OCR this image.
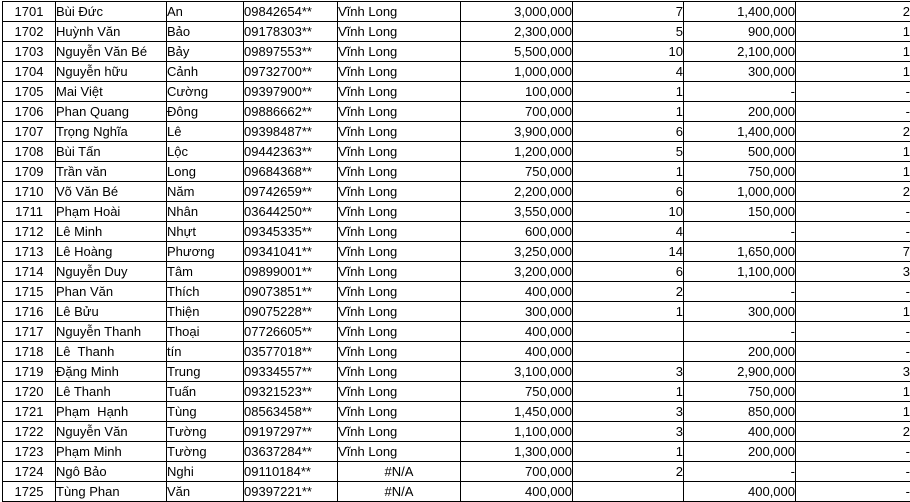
1701	Bùi Đức	An	09842654**	Vĩnh Long	3,000,000	7	1,400,000	2
1702	Huỳnh Văn	Bảo	09178303**	Vĩnh Long	2,300,000	5	900,000	1
1703	Nguyễn Văn Bé	Bảy	09897553**	Vĩnh Long	5,500,000	10	2,100,000	1
1704	Nguyễn hữu	Cảnh	09732700**	Vĩnh Long	1,000,000	4	300,000	1
1705	Mai Việt	Cường	09397900**	Vĩnh Long	100,000	1	-	-
1706	Phan Quang	Đông	09886662**	Vĩnh Long	700,000	1	200,000	-
1707	Trọng Nghĩa	Lê	09398487**	Vĩnh Long	3,900,000	6	1,400,000	2
1708	Bùi Tấn	Lộc	09442363**	Vĩnh Long	1,200,000	5	500,000	1
1709	Trần văn	Long	09684368**	Vĩnh Long	750,000	1	750,000	1
1710	Võ Văn Bé	Năm	09742659**	Vĩnh Long	2,200,000	6	1,000,000	2
1711	Phạm Hoài	Nhân	03644250**	Vĩnh Long	3,550,000	10	150,000	-
1712	Lê Minh	Nhựt	09345335**	Vĩnh Long	600,000	4	-	-
1713	Lê Hoàng	Phương	09341041**	Vĩnh Long	3,250,000	14	1,650,000	7
1714	Nguyễn Duy	Tâm	09899001**	Vĩnh Long	3,200,000	6	1,100,000	3
1715	Phan Văn	Thích	09073851**	Vĩnh Long	400,000	2	-	-
1716	Lê Bửu	Thiện	09075228**	Vĩnh Long	300,000	1	300,000	1
1717	Nguyễn Thanh	Thoại	07726605**	Vĩnh Long	400,000		-	-
1718	Lê  Thanh	tín	03577018**	Vĩnh Long	400,000		200,000	-
1719	Đặng Minh	Trung	09334557**	Vĩnh Long	3,100,000	3	2,900,000	3
1720	Lê Thanh	Tuấn	09321523**	Vĩnh Long	750,000	1	750,000	1
1721	Phạm  Hạnh	Tùng	08563458**	Vĩnh Long	1,450,000	3	850,000	1
1722	Nguyễn Văn	Tường	09197297**	Vĩnh Long	1,100,000	3	400,000	2
1723	Phạm Minh	Tường	03637284**	Vĩnh Long	1,300,000	1	200,000	-
1724	Ngô Bảo	Nghi	09110184**	#N/A	700,000	2	-	-
1725	Tùng Phan	Văn	09397221**	#N/A	400,000		400,000	-
